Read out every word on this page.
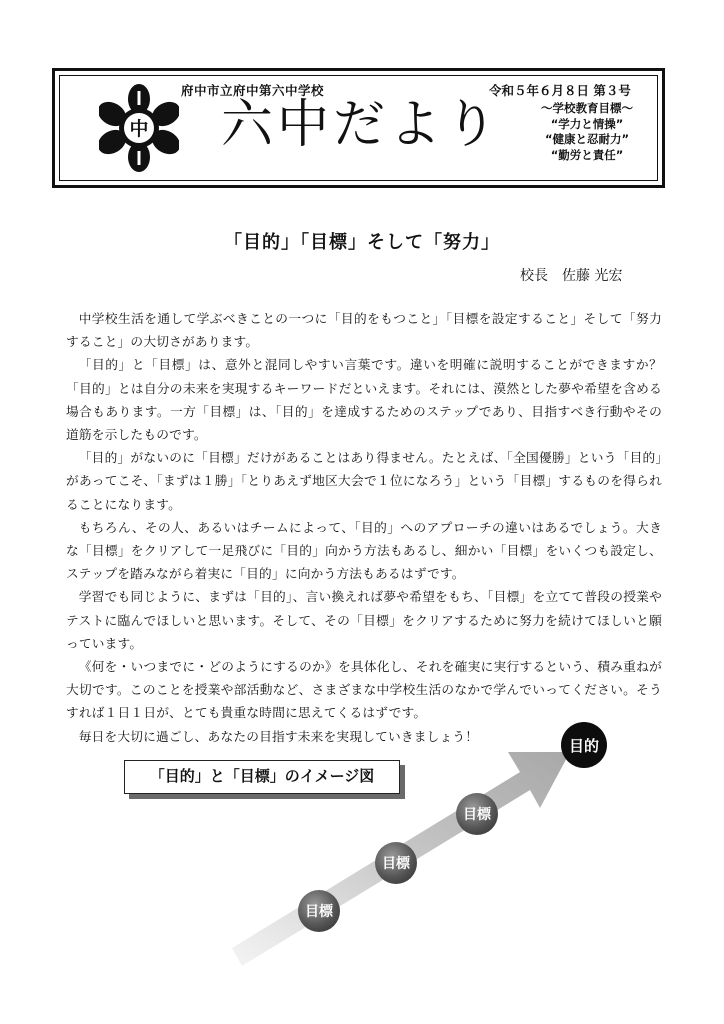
中
府中市立府中第六中学校
六中だより
令和５年６月８日 第３号
～学校教育目標～
“学力と情操”
“健康と忍耐力”
“勤労と責任”
「目的」「目標」そして「努力」
校長 佐藤 光宏

中学校生活を通して学ぶべきことの一つに「目的をもつこと」「目標を設定すること」そして「努力すること」の大切さがあります。

「目的」と「目標」は、意外と混同しやすい言葉です。違いを明確に説明することができますか？「目的」とは自分の未来を実現するキーワードだといえます。それには、漠然とした夢や希望を含める場合もあります。一方「目標」は、「目的」を達成するためのステップであり、目指すべき行動やその道筋を示したものです。

「目的」がないのに「目標」だけがあることはあり得ません。たとえば、「全国優勝」という「目的」があってこそ、「まずは１勝」「とりあえず地区大会で１位になろう」という「目標」するものを得られることになります。

もちろん、その人、あるいはチームによって、「目的」へのアプローチの違いはあるでしょう。大きな「目標」をクリアして一足飛びに「目的」向かう方法もあるし、細かい「目標」をいくつも設定し、ステップを踏みながら着実に「目的」に向かう方法もあるはずです。

学習でも同じように、まずは「目的」、言い換えれば夢や希望をもち、「目標」を立てて普段の授業やテストに臨んでほしいと思います。そして、その「目標」をクリアするために努力を続けてほしいと願っています。

《何を・いつまでに・どのようにするのか》を具体化し、それを確実に実行するという、積み重ねが大切です。このことを授業や部活動など、さまざまな中学校生活のなかで学んでいってください。そうすれば１日１日が、とても貴重な時間に思えてくるはずです。

毎日を大切に過ごし、あなたの目指す未来を実現していきましょう！

「目的」と「目標」のイメージ図
目標
目標
目標
目的
